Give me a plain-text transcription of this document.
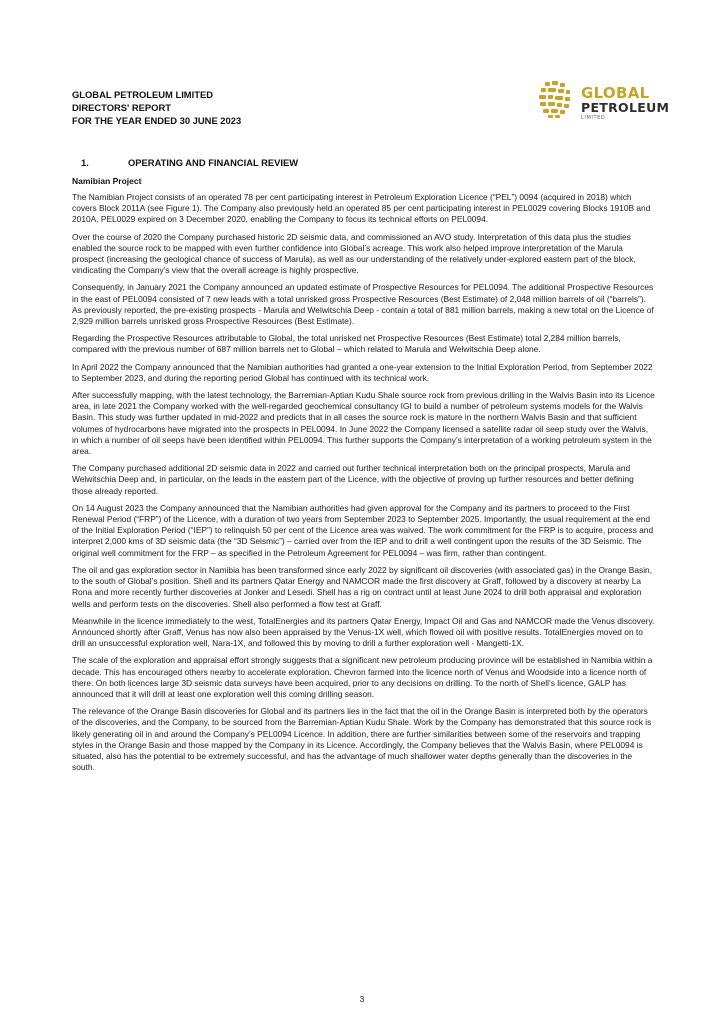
GLOBAL PETROLEUM LIMITED
DIRECTORS' REPORT
FOR THE YEAR ENDED 30 JUNE 2023
GLOBAL
PETROLEUM
LIMITED
1.	OPERATING AND FINANCIAL REVIEW
Namibian Project

The Namibian Project consists of an operated 78 per cent participating interest in Petroleum Exploration Licence (“PEL”) 0094 (acquired in 2018) which covers Block 2011A (see Figure 1). The Company also previously held an operated 85 per cent participating interest in PEL0029 covering Blocks 1910B and 2010A. PEL0029 expired on 3 December 2020, enabling the Company to focus its technical efforts on PEL0094.

Over the course of 2020 the Company purchased historic 2D seismic data, and commissioned an AVO study. Interpretation of this data plus the studies enabled the source rock to be mapped with even further confidence into Global’s acreage. This work also helped improve interpretation of the Marula prospect (increasing the geological chance of success of Marula), as well as our understanding of the relatively under-explored eastern part of the block, vindicating the Company’s view that the overall acreage is highly prospective.

Consequently, in January 2021 the Company announced an updated estimate of Prospective Resources for PEL0094. The additional Prospective Resources in the east of PEL0094 consisted of 7 new leads with a total unrisked gross Prospective Resources (Best Estimate) of 2,048 million barrels of oil (“barrels”). As previously reported, the pre-existing prospects - Marula and Welwitschia Deep - contain a total of 881 million barrels, making a new total on the Licence of 2,929 million barrels unrisked gross Prospective Resources (Best Estimate).

Regarding the Prospective Resources attributable to Global, the total unrisked net Prospective Resources (Best Estimate) total 2,284 million barrels, compared with the previous number of 687 million barrels net to Global – which related to Marula and Welwitschia Deep alone.

In April 2022 the Company announced that the Namibian authorities had granted a one-year extension to the Initial Exploration Period, from September 2022 to September 2023, and during the reporting period Global has continued with its technical work.

After successfully mapping, with the latest technology, the Barremian-Aptian Kudu Shale source rock from previous drilling in the Walvis Basin into its Licence area, in late 2021 the Company worked with the well-regarded geochemical consultancy IGI to build a number of petroleum systems models for the Walvis Basin. This study was further updated in mid-2022 and predicts that in all cases the source rock is mature in the northern Walvis Basin and that sufficient volumes of hydrocarbons have migrated into the prospects in PEL0094. In June 2022 the Company licensed a satellite radar oil seep study over the Walvis, in which a number of oil seeps have been identified within PEL0094. This further supports the Company’s interpretation of a working petroleum system in the area.

The Company purchased additional 2D seismic data in 2022 and carried out further technical interpretation both on the principal prospects, Marula and Welwitschia Deep and, in particular, on the leads in the eastern part of the Licence, with the objective of proving up further resources and better defining those already reported.

On 14 August 2023 the Company announced that the Namibian authorities had given approval for the Company and its partners to proceed to the First Renewal Period (“FRP”) of the Licence, with a duration of two years from September 2023 to September 2025. Importantly, the usual requirement at the end of the Initial Exploration Period (“IEP”) to relinquish 50 per cent of the Licence area was waived. The work commitment for the FRP is to acquire, process and interpret 2,000 kms of 3D seismic data (the “3D Seismic”) – carried over from the IEP and to drill a well contingent upon the results of the 3D Seismic. The original well commitment for the FRP – as specified in the Petroleum Agreement for PEL0094 – was firm, rather than contingent.

The oil and gas exploration sector in Namibia has been transformed since early 2022 by significant oil discoveries (with associated gas) in the Orange Basin, to the south of Global’s position. Shell and its partners Qatar Energy and NAMCOR made the first discovery at Graff, followed by a discovery at nearby La Rona and more recently further discoveries at Jonker and Lesedi. Shell has a rig on contract until at least June 2024 to drill both appraisal and exploration wells and perform tests on the discoveries. Shell also performed a flow test at Graff.

Meanwhile in the licence immediately to the west, TotalEnergies and its partners Qatar Energy, Impact Oil and Gas and NAMCOR made the Venus discovery. Announced shortly after Graff, Venus has now also been appraised by the Venus-1X well, which flowed oil with positive results. TotalEnergies moved on to drill an unsuccessful exploration well, Nara-1X, and followed this by moving to drill a further exploration well - Mangetti-1X.

The scale of the exploration and appraisal effort strongly suggests that a significant new petroleum producing province will be established in Namibia within a decade. This has encouraged others nearby to accelerate exploration. Chevron farmed into the licence north of Venus and Woodside into a licence north of there. On both licences large 3D seismic data surveys have been acquired, prior to any decisions on drilling. To the north of Shell’s licence, GALP has announced that it will drill at least one exploration well this coming drilling season.

The relevance of the Orange Basin discoveries for Global and its partners lies in the fact that the oil in the Orange Basin is interpreted both by the operators of the discoveries, and the Company, to be sourced from the Barremian-Aptian Kudu Shale. Work by the Company has demonstrated that this source rock is likely generating oil in and around the Company’s PEL0094 Licence. In addition, there are further similarities between some of the reservoirs and trapping styles in the Orange Basin and those mapped by the Company in its Licence. Accordingly, the Company believes that the Walvis Basin, where PEL0094 is situated, also has the potential to be extremely successful, and has the advantage of much shallower water depths generally than the discoveries in the south.

3
